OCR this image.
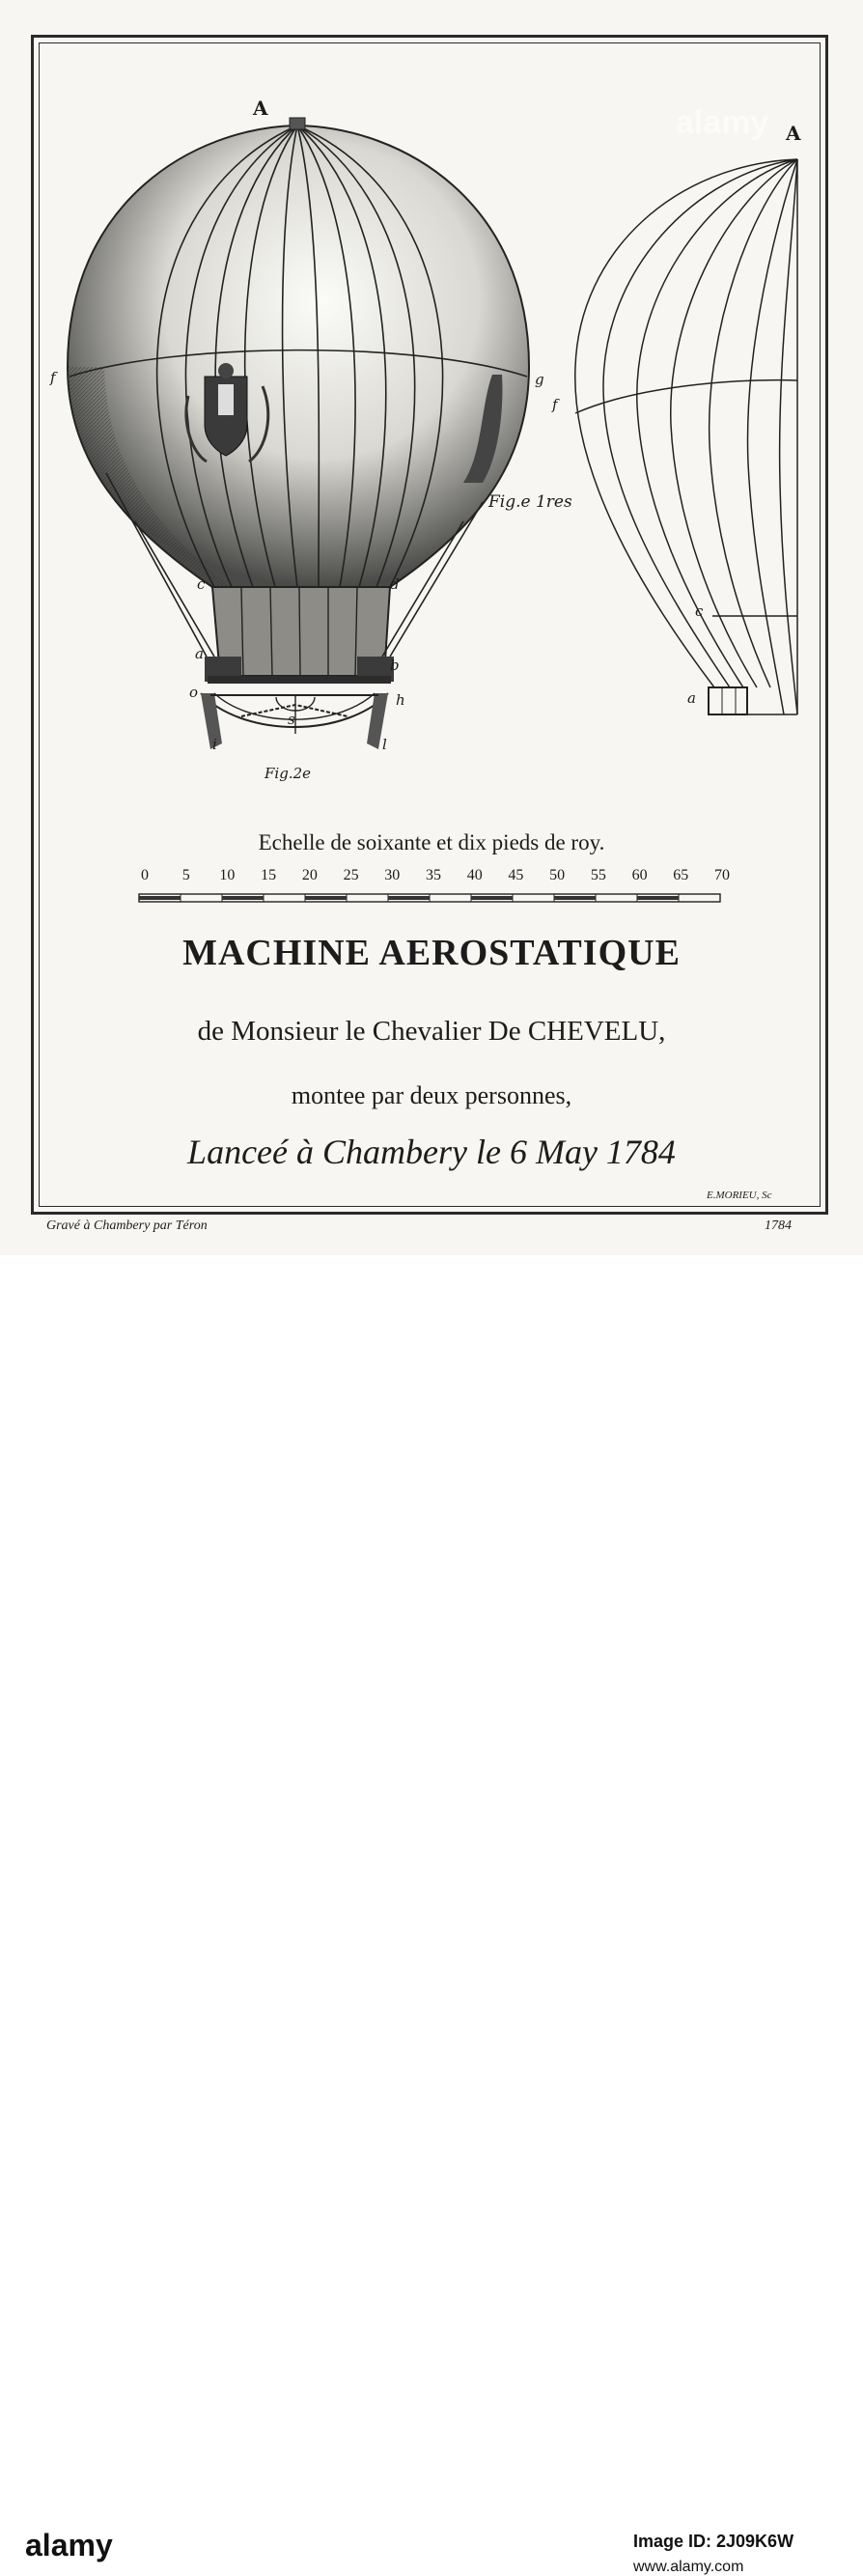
A
A
Fig.e 1res
Fig.2e
f	g
c	d
a
b
o	h
s
i	l
f
c
a
alamy
Echelle de soixante et dix pieds de roy.
0 5 10 15 20 25 30 35 40 45 50 55 60 65 70
MACHINE AEROSTATIQUE
de Monsieur le Chevalier De CHEVELU,
montee par deux personnes,
Lanceé à Chambery le 6 May 1784
E.MORIEU, Sc
Gravé à Chambery par Téron	1784
alamy	Image ID: 2J09K6W
www.alamy.com
